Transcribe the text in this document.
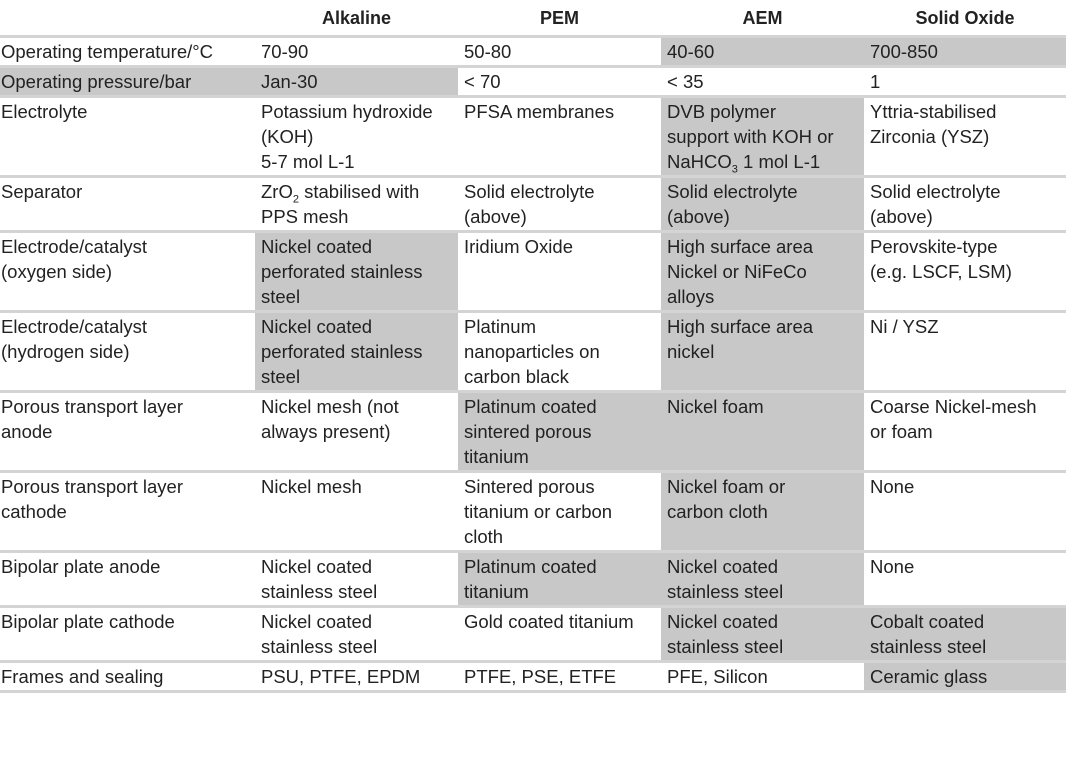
	Alkaline	PEM	AEM	Solid Oxide

Operating temperature/°C	70-90	50-80	40-60	700-850

Operating pressure/bar	Jan-30	< 70	< 35	1

Electrolyte	Potassium hydroxide
(KOH)
5-7 mol L-1	PFSA membranes	DVB polymer
support with KOH or
NaHCO$_3$ 1 mol L-1	Yttria-stabilised
Zirconia (YSZ)

Separator	ZrO$_2$ stabilised with
PPS mesh	Solid electrolyte
(above)	Solid electrolyte
(above)	Solid electrolyte
(above)

Electrode/catalyst
(oxygen side)	Nickel coated
perforated stainless
steel	Iridium Oxide	High surface area
Nickel or NiFeCo
alloys	Perovskite-type
(e.g. LSCF, LSM)

Electrode/catalyst
(hydrogen side)	Nickel coated
perforated stainless
steel	Platinum
nanoparticles on
carbon black	High surface area
nickel	Ni / YSZ

Porous transport layer
anode	Nickel mesh (not
always present)	Platinum coated
sintered porous
titanium	Nickel foam	Coarse Nickel-mesh
or foam

Porous transport layer
cathode	Nickel mesh	Sintered porous
titanium or carbon
cloth	Nickel foam or
carbon cloth	None

Bipolar plate anode	Nickel coated
stainless steel	Platinum coated
titanium	Nickel coated
stainless steel	None

Bipolar plate cathode	Nickel coated
stainless steel	Gold coated titanium	Nickel coated
stainless steel	Cobalt coated
stainless steel

Frames and sealing	PSU, PTFE, EPDM	PTFE, PSE, ETFE	PFE, Silicon	Ceramic glass
